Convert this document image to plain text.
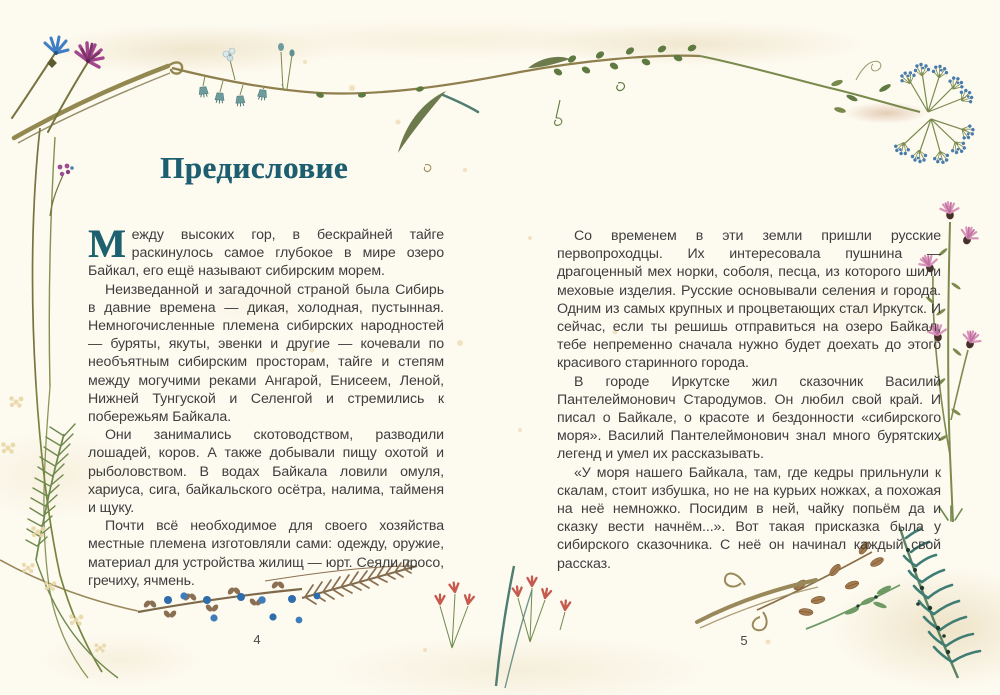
Предисловие

Между высоких гор, в бескрайней тайге раскинулось самое глубокое в мире озеро Байкал, его ещё называют сибирским морем.

Неизведанной и загадочной страной была Сибирь в давние времена — дикая, холодная, пустынная. Немногочисленные племена сибирских народностей — буряты, якуты, эвенки и другие — кочевали по необъятным сибирским просторам, тайге и степям между могучими реками Ангарой, Енисеем, Леной, Нижней Тунгуской и Селенгой и стремились к побережьям Байкала.

Они занимались скотоводством, разводили лошадей, коров. А также добывали пищу охотой и рыболовством. В водах Байкала ловили омуля, хариуса, сига, байкальского осётра, налима, тайменя и щуку.

Почти всё необходимое для своего хозяйства местные племена изготовляли сами: одежду, оружие, материал для устройства жилищ — юрт. Сеяли просо, гречиху, ячмень.

4

Со временем в эти земли пришли русские первопроходцы. Их интересовала пушнина — драгоценный мех норки, соболя, песца, из которого шили меховые изделия. Русские основывали селения и города. Одним из самых крупных и процветающих стал Иркутск. И сейчас, если ты решишь отправиться на озеро Байкал, тебе непременно сначала нужно будет доехать до этого красивого старинного города.

В городе Иркутске жил сказочник Василий Пантелеймонович Стародумов. Он любил свой край. И писал о Байкале, о красоте и бездонности «сибирского моря». Василий Пантелеймонович знал много бурятских легенд и умел их рассказывать.

«У моря нашего Байкала, там, где кедры прильнули к скалам, стоит избушка, но не на курьих ножках, а похожая на неё немножко. Посидим в ней, чайку попьём да и сказку вести начнём...». Вот такая присказка была у сибирского сказочника. С неё он начинал каждый свой рассказ.

5
